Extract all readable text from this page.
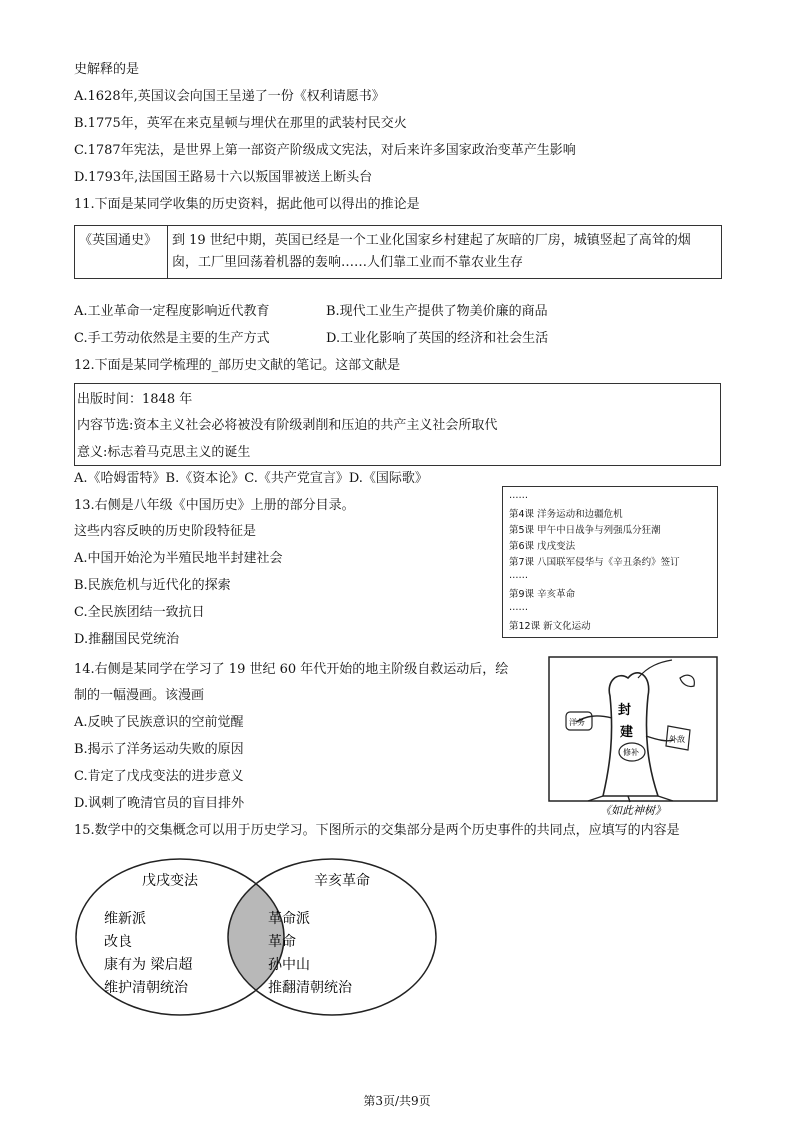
史解释的是
A.1628年,英国议会向国王呈递了一份《权利请愿书》
B.1775年，英军在来克星顿与埋伏在那里的武装村民交火
C.1787年宪法，是世界上第一部资产阶级成文宪法，对后来许多国家政治变革产生影响
D.1793年,法国国王路易十六以叛国罪被送上断头台
11.下面是某同学收集的历史资料，据此他可以得出的推论是
《英国通史》	到 19 世纪中期，英国已经是一个工业化国家乡村建起了灰暗的厂房，城镇竖起了高耸的烟
囱，工厂里回荡着机器的轰响……人们靠工业而不靠农业生存
A.工业革命一定程度影响近代教育	B.现代工业生产提供了物美价廉的商品
C.手工劳动依然是主要的生产方式	D.工业化影响了英国的经济和社会生活
12.下面是某同学梳理的_部历史文献的笔记。这部文献是
出版时间：1848 年
内容节选:资本主义社会必将被没有阶级剥削和压迫的共产主义社会所取代
意义:标志着马克思主义的诞生
A.《哈姆雷特》B.《资本论》C.《共产党宣言》D.《国际歌》
13.右侧是八年级《中国历史》上册的部分目录。
这些内容反映的历史阶段特征是
A.中国开始沦为半殖民地半封建社会
B.民族危机与近代化的探索
C.全民族团结一致抗日
D.推翻国民党统治
……
第4课 洋务运动和边疆危机
第5课 甲午中日战争与列强瓜分狂潮
第6课 戊戌变法
第7课 八国联军侵华与《辛丑条约》签订
……
第9课 辛亥革命
……
第12课 新文化运动
14.右侧是某同学在学习了 19 世纪 60 年代开始的地主阶级自救运动后，绘
制的一幅漫画。该漫画
A.反映了民族意识的空前觉醒
B.揭示了洋务运动失败的原因
C.肯定了戊戌变法的进步意义
D.讽刺了晚清官员的盲目排外
封
建
洋务
修补
外敌
《如此神树》
15.数学中的交集概念可以用于历史学习。下图所示的交集部分是两个历史事件的共同点，应填写的内容是
戊戌变法
维新派
改良
康有为 梁启超
维护清朝统治
辛亥革命
革命派
革命
孙中山
推翻清朝统治
第3页/共9页
